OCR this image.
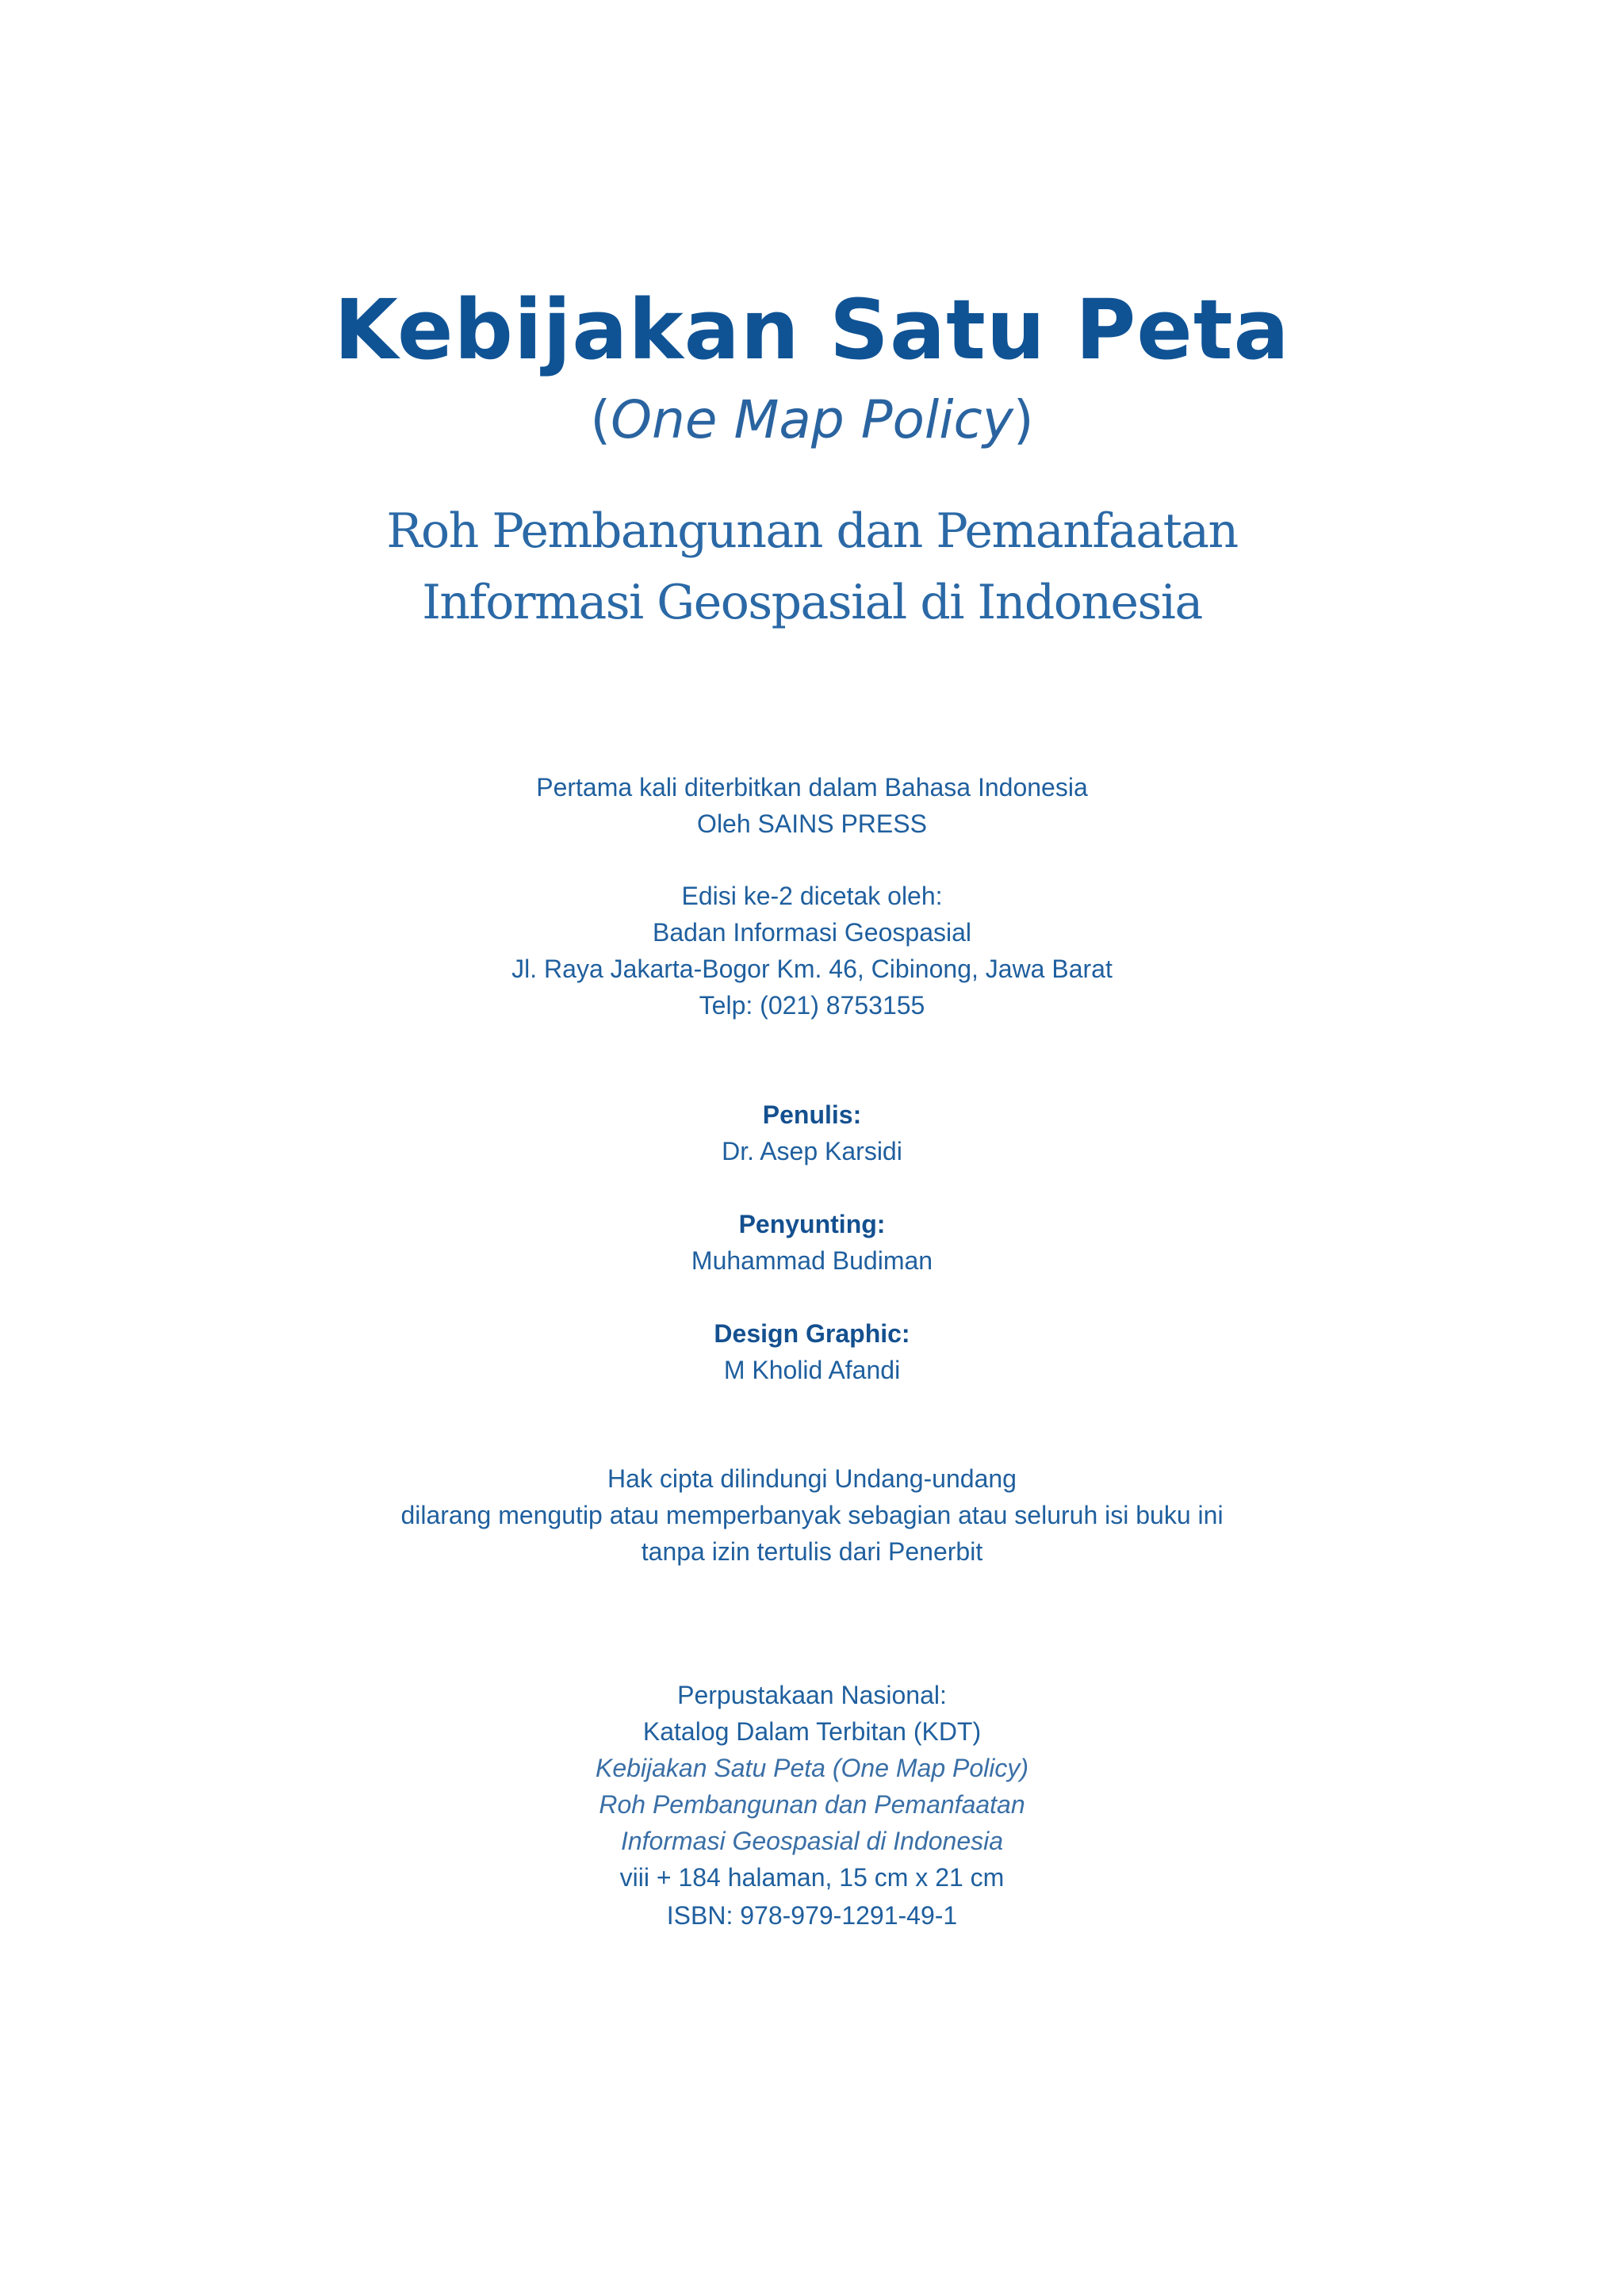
Kebijakan Satu Peta
(One Map Policy)
Roh Pembangunan dan Pemanfaatan
Informasi Geospasial di Indonesia
Pertama kali diterbitkan dalam Bahasa Indonesia
Oleh SAINS PRESS
Edisi ke-2 dicetak oleh:
Badan Informasi Geospasial
Jl. Raya Jakarta-Bogor Km. 46, Cibinong, Jawa Barat
Telp: (021) 8753155
Penulis:
Dr. Asep Karsidi
Penyunting:
Muhammad Budiman
Design Graphic:
M Kholid Afandi
Hak cipta dilindungi Undang-undang
dilarang mengutip atau memperbanyak sebagian atau seluruh isi buku ini
tanpa izin tertulis dari Penerbit
Perpustakaan Nasional:
Katalog Dalam Terbitan (KDT)
Kebijakan Satu Peta (One Map Policy)
Roh Pembangunan dan Pemanfaatan
Informasi Geospasial di Indonesia
viii + 184 halaman, 15 cm x 21 cm
ISBN: 978-979-1291-49-1
